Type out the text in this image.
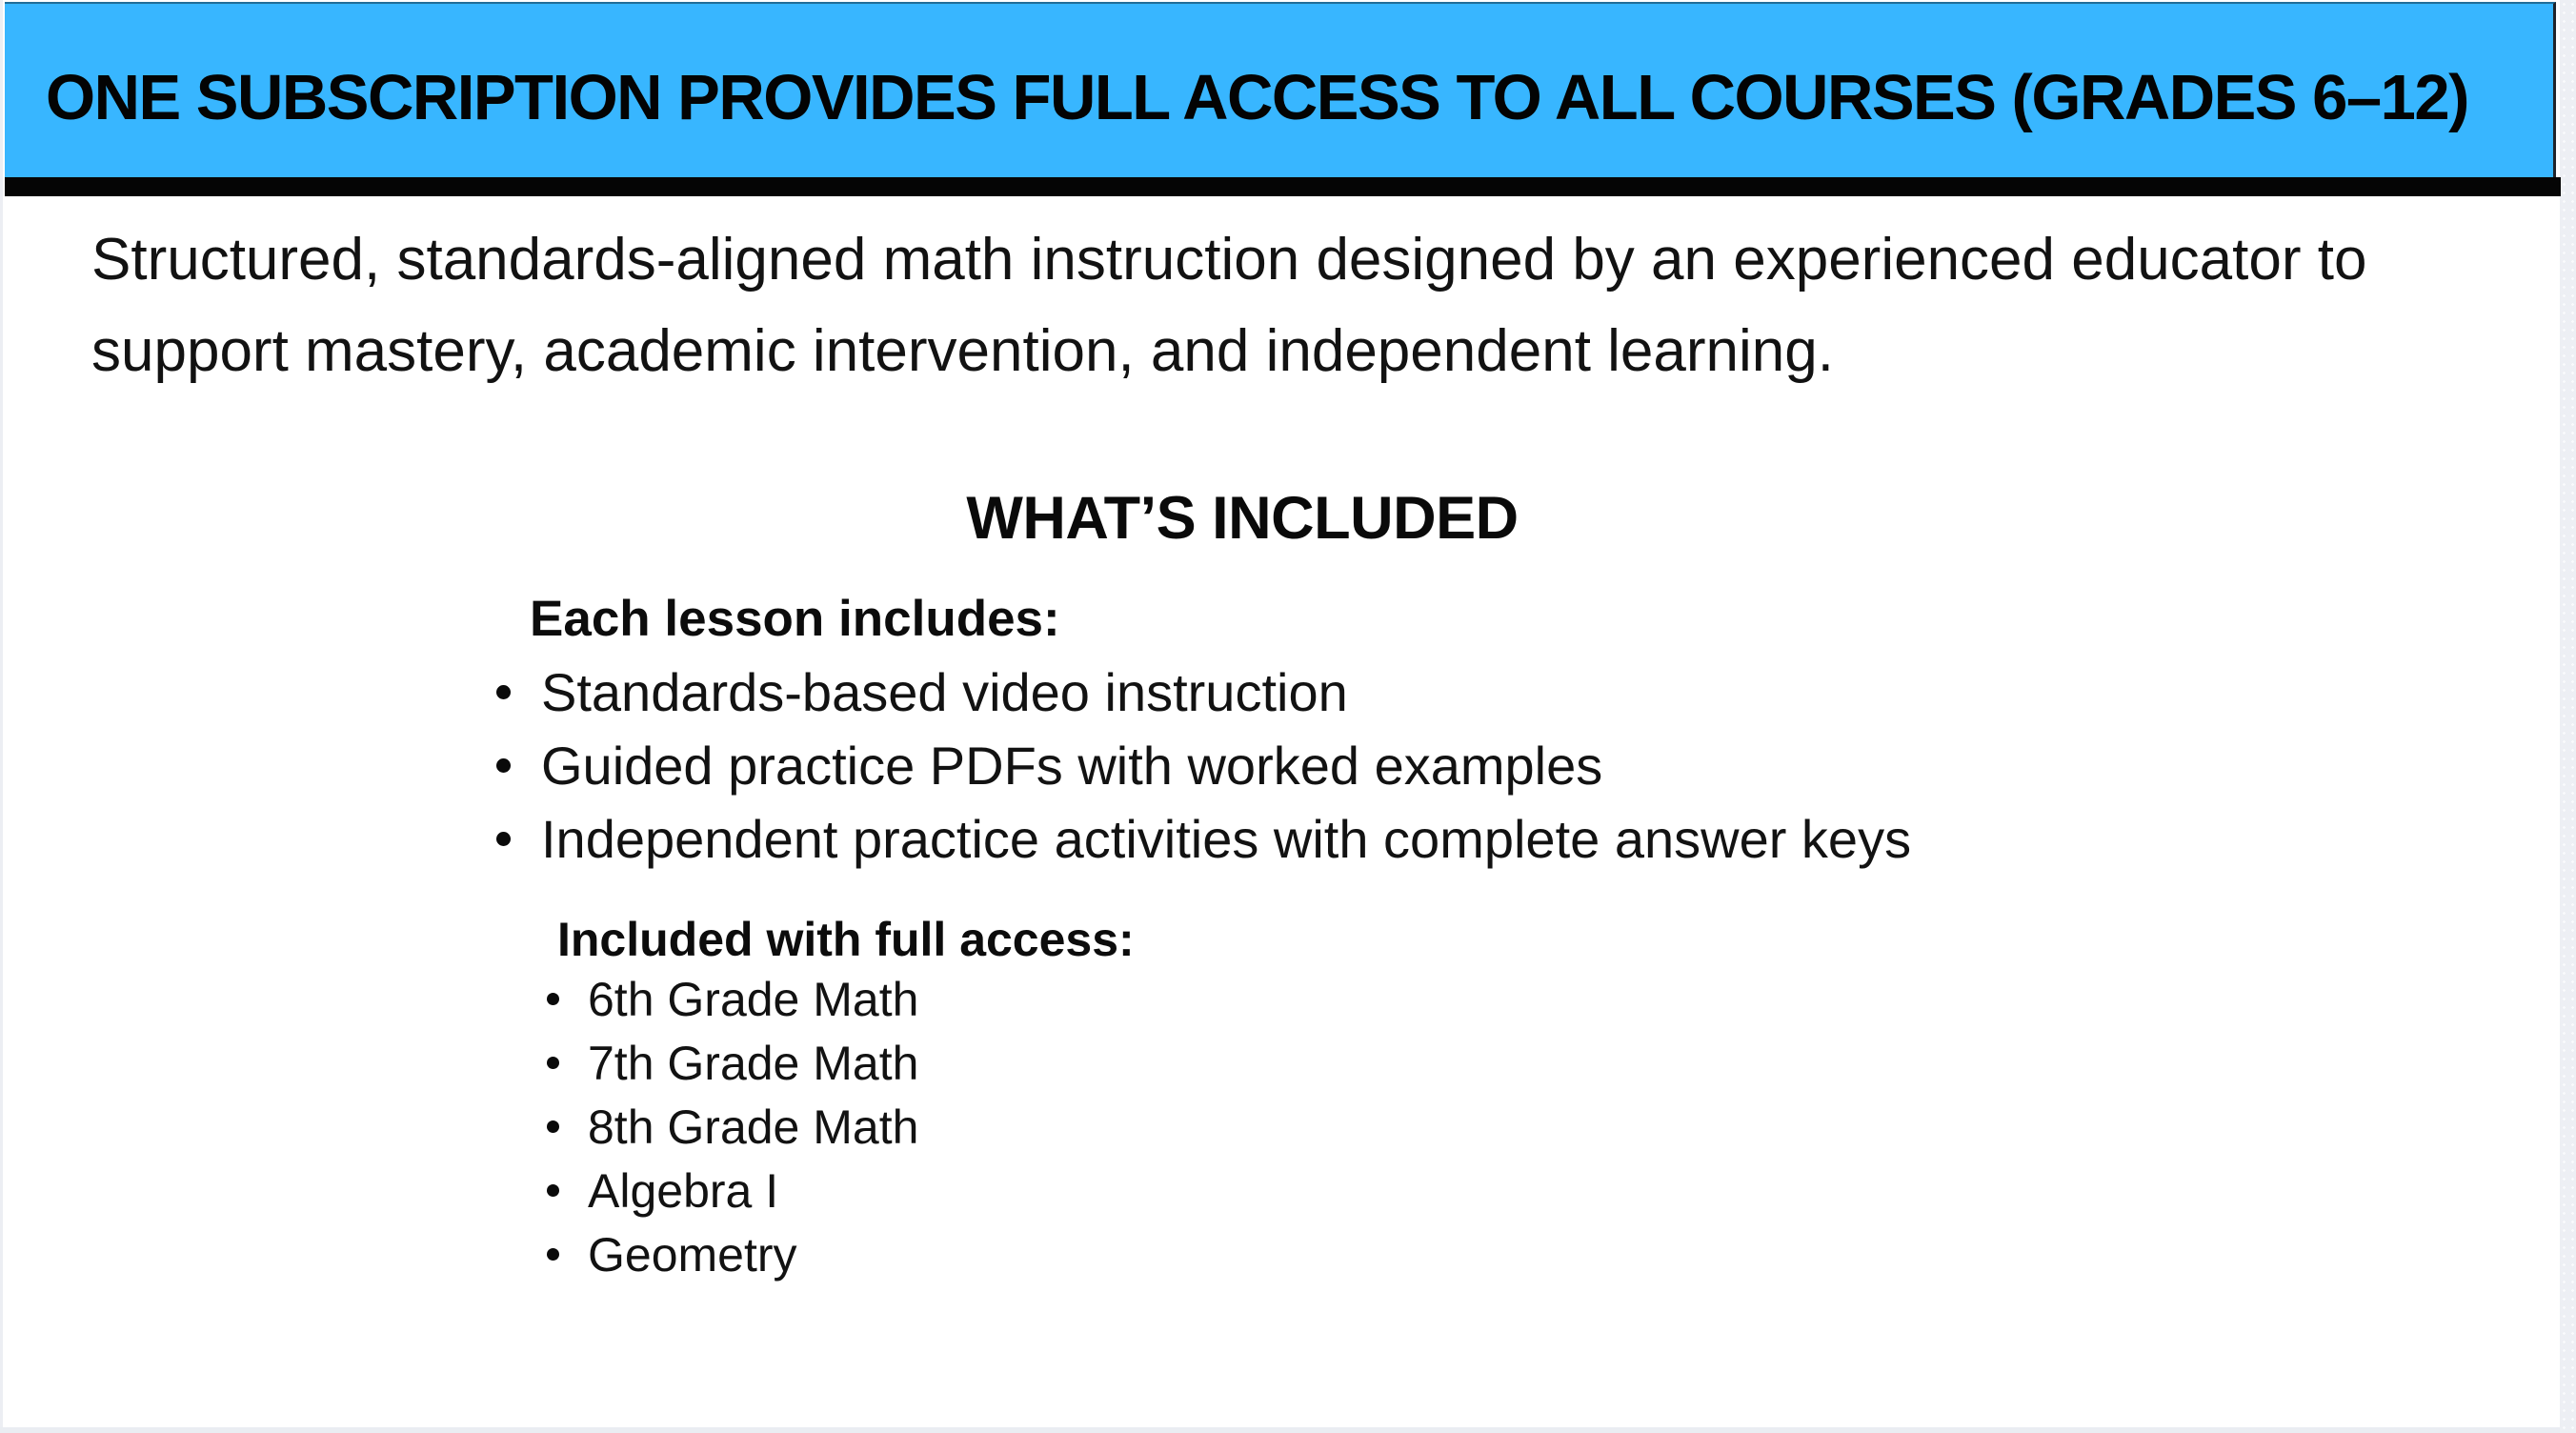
ONE SUBSCRIPTION PROVIDES FULL ACCESS TO ALL COURSES (GRADES 6–12)

Structured, standards-aligned math instruction designed by an experienced educator to
support mastery, academic intervention, and independent learning.

WHAT’S INCLUDED
Each lesson includes:
Standards-based video instruction
Guided practice PDFs with worked examples
Independent practice activities with complete answer keys
Included with full access:
6th Grade Math
7th Grade Math
8th Grade Math
Algebra I
Geometry
